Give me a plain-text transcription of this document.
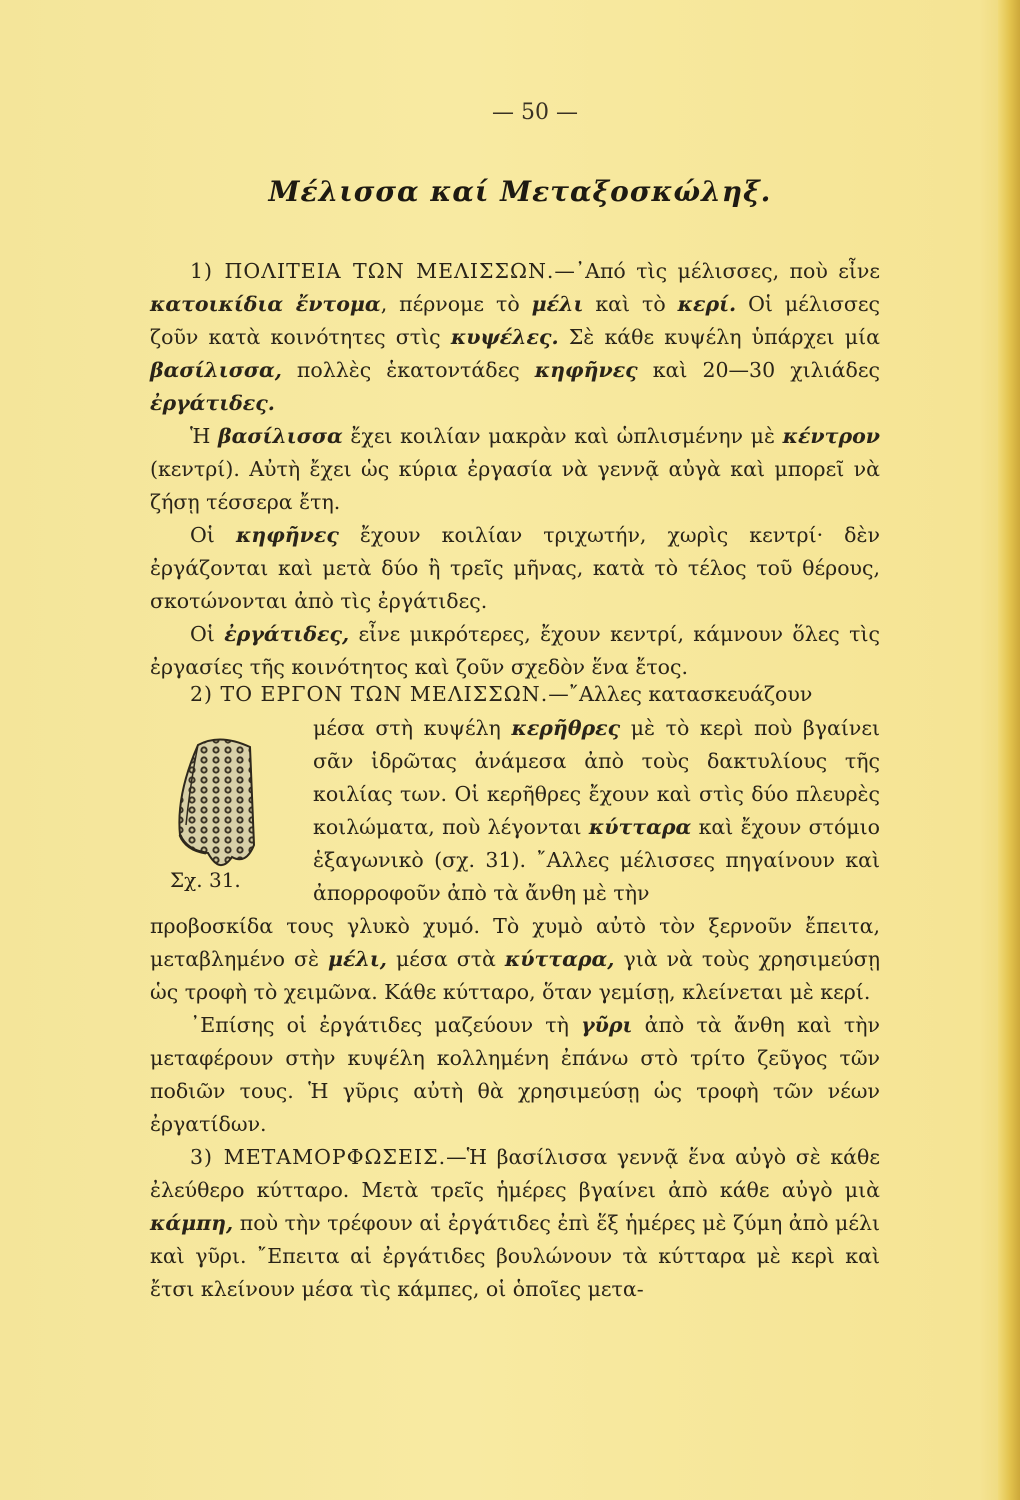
— 50 —
Μέλισσα καί Μεταξοσκώληξ.

1) ΠΟΛΙΤΕΙΑ ΤΩΝ ΜΕΛΙΣΣΩΝ.—᾿Από τὶς μέλισσες, ποὺ εἶνε κατοικίδια ἔντομα, πέρνομε τὸ μέλι καὶ τὸ κερί. Οἱ μέλισσες ζοῦν κατὰ κοινότητες στὶς κυψέλες. Σὲ κάθε κυψέλη ὑπάρχει μία βασίλισσα, πολλὲς ἑκατοντάδες κηφῆνες καὶ 20—30 χιλιάδες ἐργάτιδες.

Ἡ βασίλισσα ἔχει κοιλίαν μακρὰν καὶ ὡπλισμένην μὲ κέντρον (κεντρί). Αὐτὴ ἔχει ὡς κύρια ἐργασία νὰ γεννᾷ αὐγὰ καὶ μπορεῖ νὰ ζήσῃ τέσσερα ἔτη.

Οἱ κηφῆνες ἔχουν κοιλίαν τριχωτήν, χωρὶς κεντρί· δὲν ἐργάζονται καὶ μετὰ δύο ἢ τρεῖς μῆνας, κατὰ τὸ τέλος τοῦ θέρους, σκοτώνονται ἀπὸ τὶς ἐργάτιδες.

Οἱ ἐργάτιδες, εἶνε μικρότερες, ἔχουν κεντρί, κάμνουν ὅλες τὶς ἐργασίες τῆς κοινότητος καὶ ζοῦν σχεδὸν ἕνα ἔτος.

2) ΤΟ ΕΡΓΟΝ ΤΩΝ ΜΕΛΙΣΣΩΝ.—῎Αλλες κατασκευάζουν

Σχ. 31.

μέσα στὴ κυψέλη κερῆθρες μὲ τὸ κερὶ ποὺ βγαίνει σᾶν ἱδρῶτας ἀνάμεσα ἀπὸ τοὺς δακτυλίους τῆς κοιλίας των. Οἱ κερῆθρες ἔχουν καὶ στὶς δύο πλευρὲς κοιλώματα, ποὺ λέγονται κύτταρα καὶ ἔχουν στόμιο ἑξαγωνικὸ (σχ. 31). ῎Αλλες μέλισσες πηγαίνουν καὶ ἀπορροφοῦν ἀπὸ τὰ ἄνθη μὲ τὴν

προβοσκίδα τους γλυκὸ χυμό. Τὸ χυμὸ αὐτὸ τὸν ξερνοῦν ἔπειτα, μεταβλημένο σὲ μέλι, μέσα στὰ κύτταρα, γιὰ νὰ τοὺς χρησιμεύσῃ ὡς τροφὴ τὸ χειμῶνα. Κάθε κύτταρο, ὅταν γεμίσῃ, κλείνεται μὲ κερί.

᾿Επίσης οἱ ἐργάτιδες μαζεύουν τὴ γῦρι ἀπὸ τὰ ἄνθη καὶ τὴν μεταφέρουν στὴν κυψέλη κολλημένη ἐπάνω στὸ τρίτο ζεῦγος τῶν ποδιῶν τους. Ἡ γῦρις αὐτὴ θὰ χρησιμεύσῃ ὡς τροφὴ τῶν νέων ἐργατίδων.

3) ΜΕΤΑΜΟΡΦΩΣΕΙΣ.—Ἡ βασίλισσα γεννᾷ ἕνα αὐγὸ σὲ κάθε ἐλεύθερο κύτταρο. Μετὰ τρεῖς ἡμέρες βγαίνει ἀπὸ κάθε αὐγὸ μιὰ κάμπη, ποὺ τὴν τρέφουν αἱ ἐργάτιδες ἐπὶ ἕξ ἡμέρες μὲ ζύμη ἀπὸ μέλι καὶ γῦρι. ῎Επειτα αἱ ἐργάτιδες βουλώνουν τὰ κύτταρα μὲ κερὶ καὶ ἔτσι κλείνουν μέσα τὶς κάμπες, οἱ ὁποῖες μετα-
